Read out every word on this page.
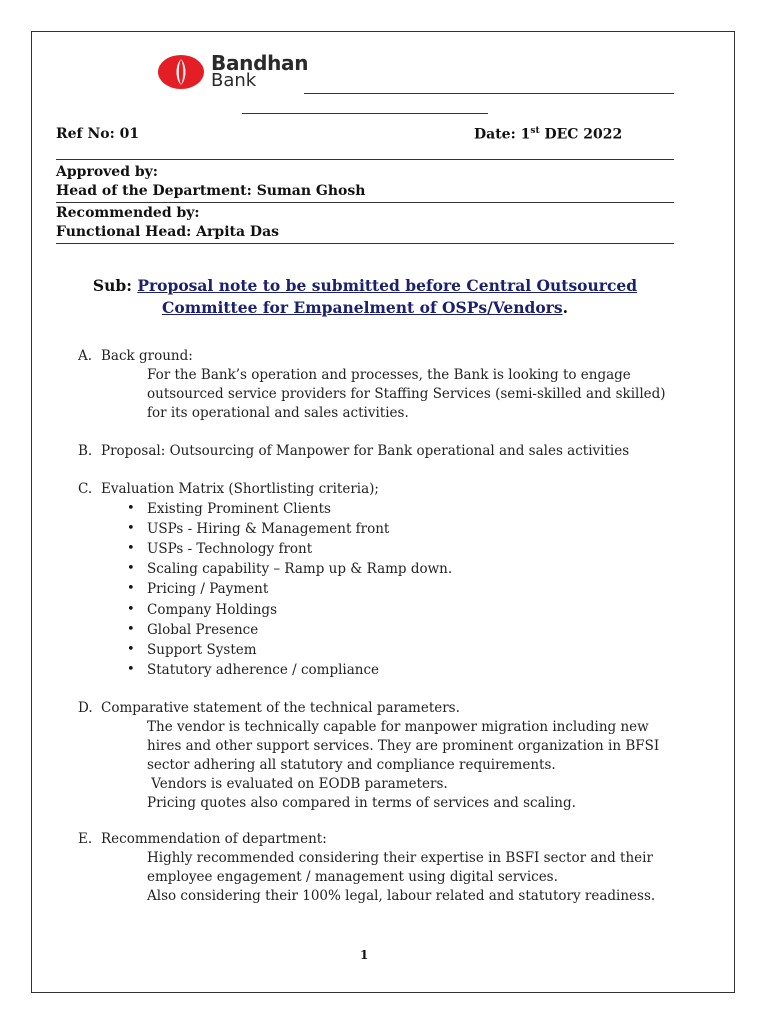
Bandhan
Bank
Ref No: 01	Date: 1st DEC 2022
Approved by:
Head of the Department: Suman Ghosh
Recommended by:
Functional Head: Arpita Das
Sub: Proposal note to be submitted before Central Outsourced
Committee for Empanelment of OSPs/Vendors.
A. Back ground:
For the Bank’s operation and processes, the Bank is looking to engage
outsourced service providers for Staffing Services (semi-skilled and skilled)
for its operational and sales activities.
B. Proposal: Outsourcing of Manpower for Bank operational and sales activities
C. Evaluation Matrix (Shortlisting criteria);
• Existing Prominent Clients
• USPs - Hiring & Management front
• USPs - Technology front
• Scaling capability – Ramp up & Ramp down.
• Pricing / Payment
• Company Holdings
• Global Presence
• Support System
• Statutory adherence / compliance
D. Comparative statement of the technical parameters.
The vendor is technically capable for manpower migration including new
hires and other support services. They are prominent organization in BFSI
sector adhering all statutory and compliance requirements.
Vendors is evaluated on EODB parameters.
Pricing quotes also compared in terms of services and scaling.
E. Recommendation of department:
Highly recommended considering their expertise in BSFI sector and their
employee engagement / management using digital services.
Also considering their 100% legal, labour related and statutory readiness.
1
